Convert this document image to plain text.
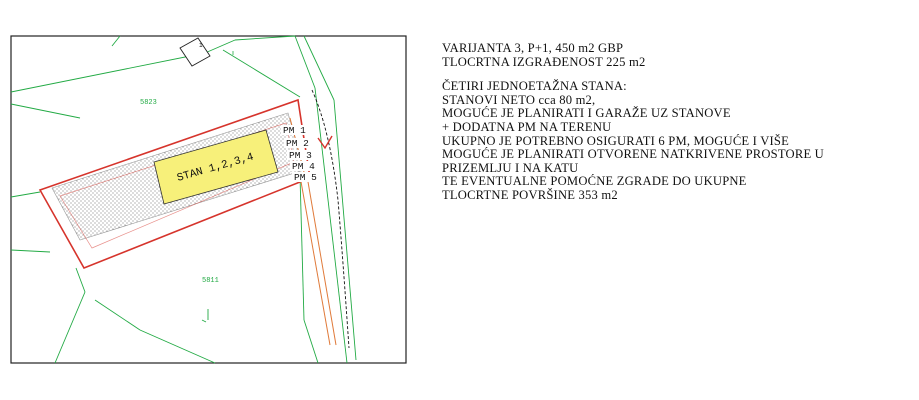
1
5823
5811
STAN 1,2,3,4
PM 1
PM 2
PM 3
PM 4
PM 5
VARIJANTA 3, P+1, 450 m2 GBP
TLOCRTNA IZGRAĐENOST 225 m2
ČETIRI JEDNOETAŽNA STANA:
STANOVI NETO cca 80 m2,
MOGUĆE JE PLANIRATI I GARAŽE UZ STANOVE
+ DODATNA PM NA TERENU
UKUPNO JE POTREBNO OSIGURATI 6 PM, MOGUĆE I VIŠE
MOGUĆE JE PLANIRATI OTVORENE NATKRIVENE PROSTORE U
PRIZEMLJU I NA KATU
TE EVENTUALNE POMOĆNE ZGRADE DO UKUPNE
TLOCRTNE POVRŠINE 353 m2
